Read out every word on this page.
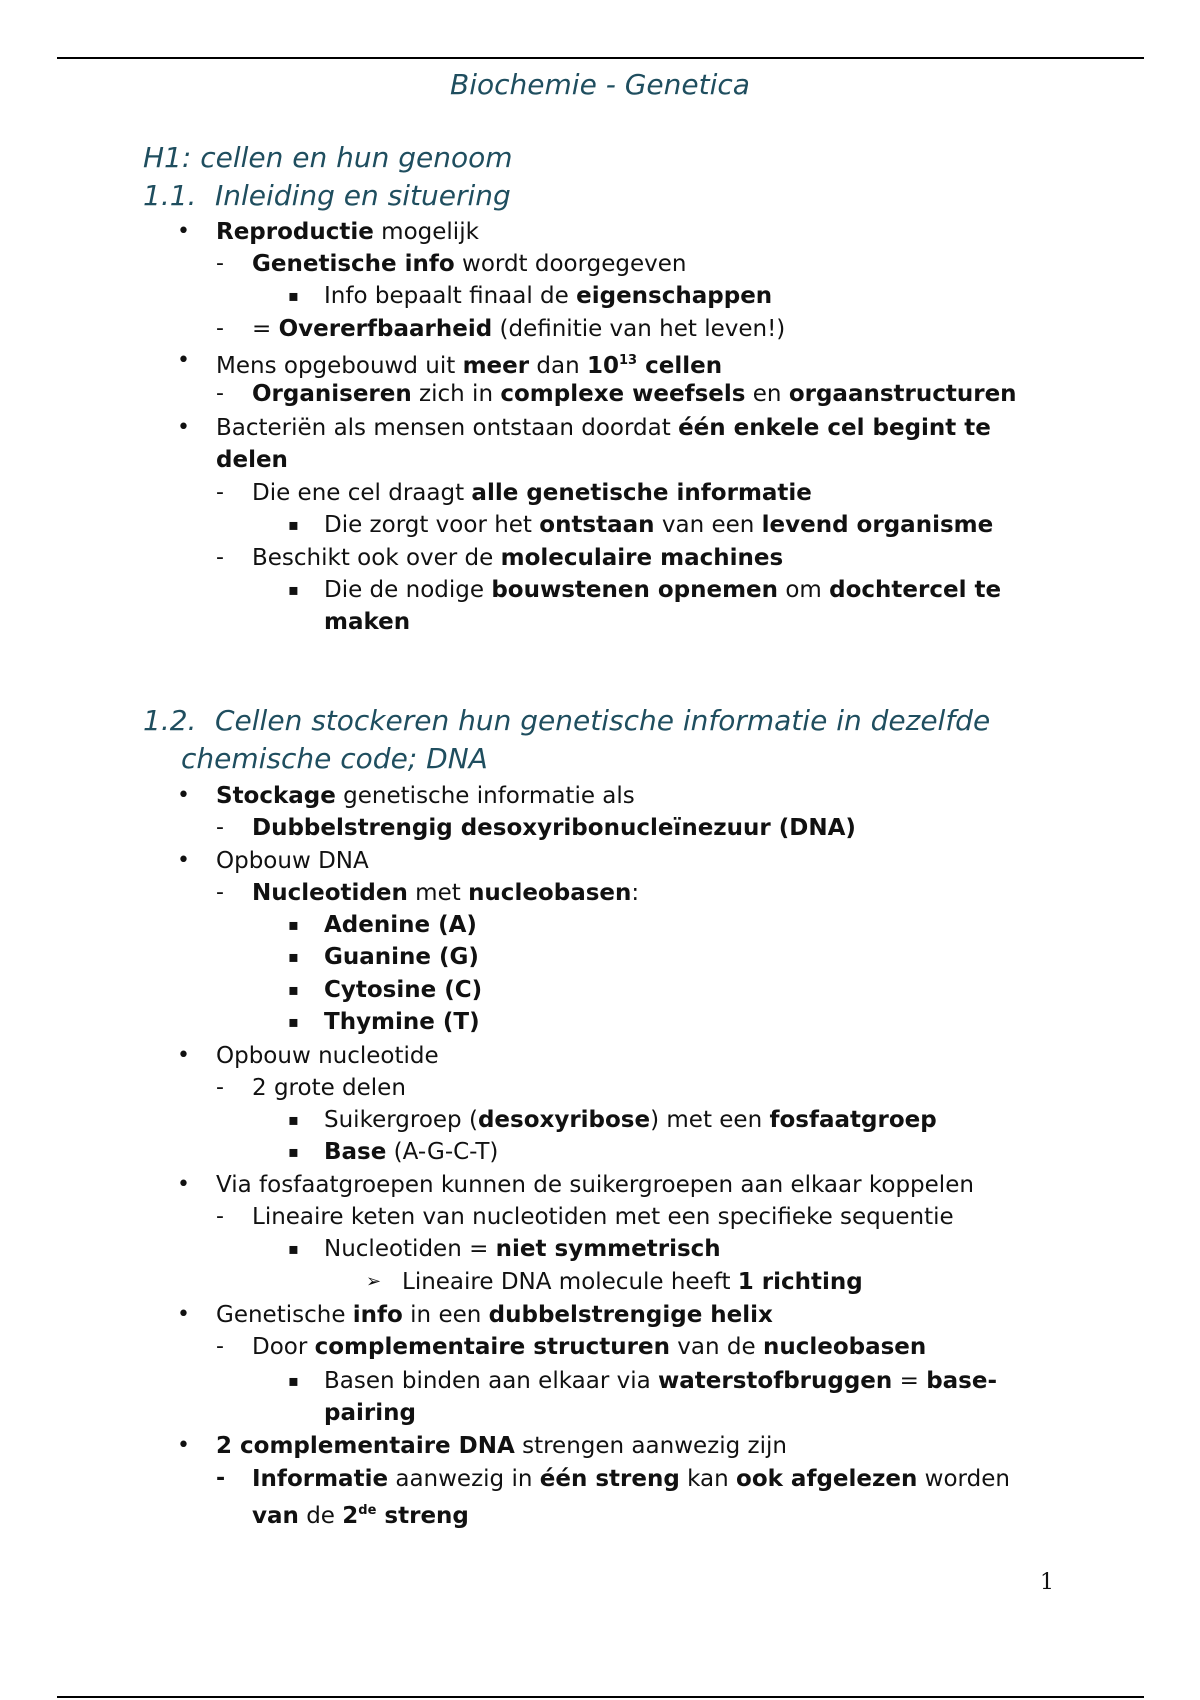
Biochemie - Genetica
H1: cellen en hun genoom
1.1. Inleiding en situering
• Reproductie mogelijk
- Genetische info wordt doorgegeven
▪ Info bepaalt finaal de eigenschappen
- = Overerfbaarheid (definitie van het leven!)
• Mens opgebouwd uit meer dan $10^{13}$ cellen
- Organiseren zich in complexe weefsels en orgaanstructuren
• Bacteriën als mensen ontstaan doordat één enkele cel begint te delen
- Die ene cel draagt alle genetische informatie
▪ Die zorgt voor het ontstaan van een levend organisme
- Beschikt ook over de moleculaire machines
▪ Die de nodige bouwstenen opnemen om dochtercel te maken
1.2. Cellen stockeren hun genetische informatie in dezelfde
chemische code; DNA
• Stockage genetische informatie als
- Dubbelstrengig desoxyribonucleïnezuur (DNA)
• Opbouw DNA
- Nucleotiden met nucleobasen:
▪ Adenine (A)
▪ Guanine (G)
▪ Cytosine (C)
▪ Thymine (T)
• Opbouw nucleotide
- 2 grote delen
▪ Suikergroep (desoxyribose) met een fosfaatgroep
▪ Base (A-G-C-T)
• Via fosfaatgroepen kunnen de suikergroepen aan elkaar koppelen
- Lineaire keten van nucleotiden met een specifieke sequentie
▪ Nucleotiden = niet symmetrisch
➢ Lineaire DNA molecule heeft 1 richting
• Genetische info in een dubbelstrengige helix
- Door complementaire structuren van de nucleobasen
▪ Basen binden aan elkaar via waterstofbruggen = base-pairing
• 2 complementaire DNA strengen aanwezig zijn
- Informatie aanwezig in één streng kan ook afgelezen worden van de 2de streng
1
